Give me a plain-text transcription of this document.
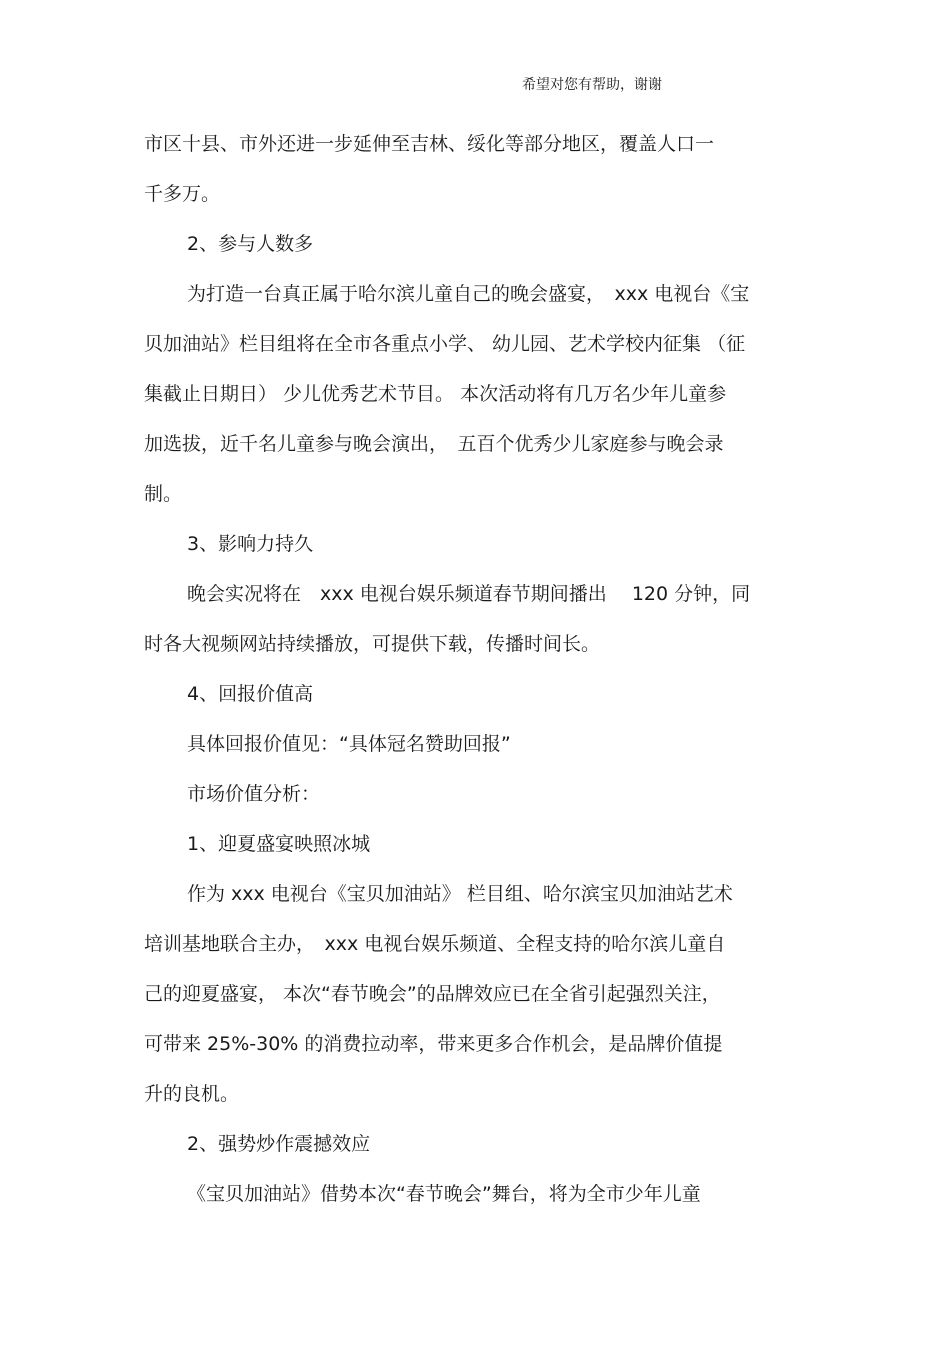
希望对您有帮助，谢谢
市区十县、市外还进一步延伸至吉林、绥化等部分地区，覆盖人口一
千多万。
2、参与人数多
为打造一台真正属于哈尔滨儿童自己的晚会盛宴，　xxx 电视台《宝
贝加油站》栏目组将在全市各重点小学、 幼儿园、艺术学校内征集 （征
集截止日期日） 少儿优秀艺术节目。 本次活动将有几万名少年儿童参
加选拔，近千名儿童参与晚会演出，　五百个优秀少儿家庭参与晚会录
制。
3、影响力持久
晚会实况将在　xxx 电视台娱乐频道春节期间播出　 120 分钟，同
时各大视频网站持续播放，可提供下载，传播时间长。
4、回报价值高
具体回报价值见：“具体冠名赞助回报”
市场价值分析：
1、迎夏盛宴映照冰城
作为 xxx 电视台《宝贝加油站》 栏目组、哈尔滨宝贝加油站艺术
培训基地联合主办，　xxx 电视台娱乐频道、全程支持的哈尔滨儿童自
己的迎夏盛宴， 本次“春节晚会”的品牌效应已在全省引起强烈关注，
可带来 25%-30% 的消费拉动率，带来更多合作机会，是品牌价值提
升的良机。
2、强势炒作震撼效应
《宝贝加油站》借势本次“春节晚会”舞台，将为全市少年儿童
